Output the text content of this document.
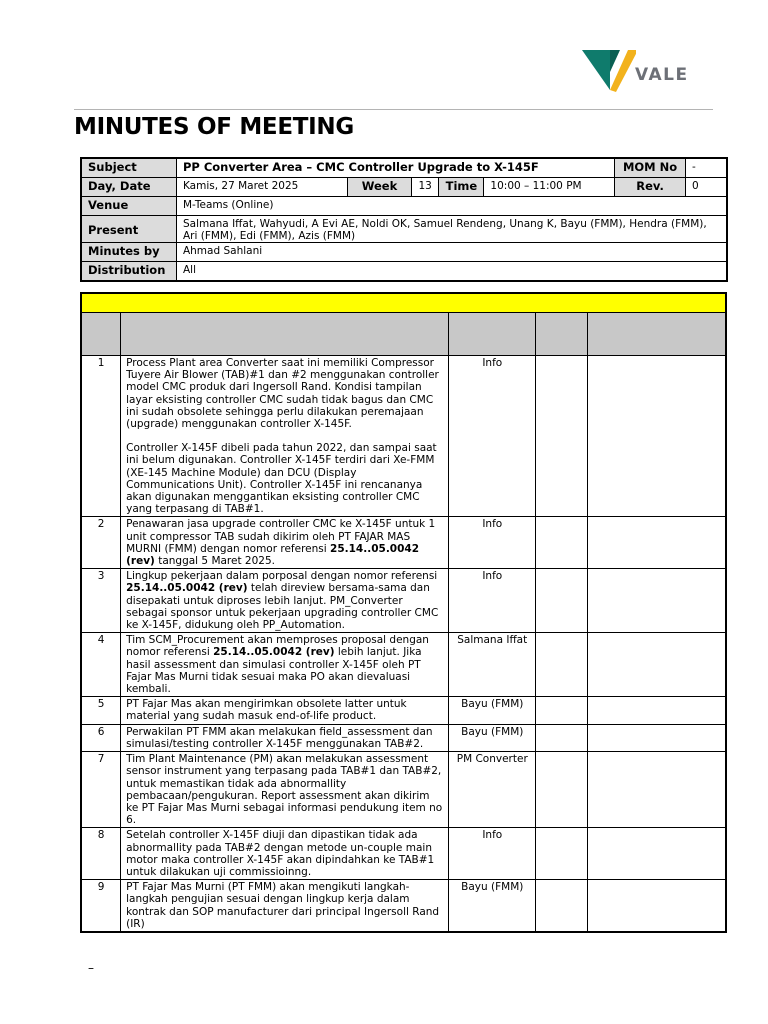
VALE
MINUTES OF MEETING
Subject	PP Converter Area – CMC Controller Upgrade to X-145F					MOM No	-
Day, Date	Kamis, 27 Maret 2025	Week	13	Time	10:00 – 11:00 PM	Rev.	0
Venue	M-Teams (Online)						
Present	Salmana Iffat, Wahyudi, A Evi AE, Noldi OK, Samuel Rendeng, Unang K, Bayu (FMM), Hendra (FMM), Ari (FMM), Edi (FMM), Azis (FMM)						
Minutes by	Ahmad Sahlani						
Distribution	All						

1	Process Plant area Converter saat ini memiliki Compressor Tuyere Air Blower (TAB)#1 dan #2 menggunakan controller model CMC produk dari Ingersoll Rand. Kondisi tampilan layar eksisting controller CMC sudah tidak bagus dan CMC ini sudah obsolete sehingga perlu dilakukan peremajaan (upgrade) menggunakan controller X-145F.
Controller X-145F dibeli pada tahun 2022, dan sampai saat ini belum digunakan. Controller X-145F terdiri dari Xe-FMM (XE-145 Machine Module) dan DCU (Display Communications Unit). Controller X-145F ini rencananya akan digunakan menggantikan eksisting controller CMC yang terpasang di TAB#1.	Info		
2	Penawaran jasa upgrade controller CMC ke X-145F untuk 1 unit compressor TAB sudah dikirim oleh PT FAJAR MAS MURNI (FMM) dengan nomor referensi 25.14..05.0042 (rev) tanggal 5 Maret 2025.	Info		
3	Lingkup pekerjaan dalam porposal dengan nomor referensi 25.14..05.0042 (rev) telah direview bersama-sama dan disepakati untuk diproses lebih lanjut. PM_Converter sebagai sponsor untuk pekerjaan upgrading controller CMC ke X-145F, didukung oleh PP_Automation.	Info		
4	Tim SCM_Procurement akan memproses proposal dengan nomor referensi 25.14..05.0042 (rev) lebih lanjut. Jika hasil assessment dan simulasi controller X-145F oleh PT Fajar Mas Murni tidak sesuai maka PO akan dievaluasi kembali.	Salmana Iffat		
5	PT Fajar Mas akan mengirimkan obsolete latter untuk material yang sudah masuk end-of-life product.	Bayu (FMM)		
6	Perwakilan PT FMM akan melakukan field_assessment dan simulasi/testing controller X-145F menggunakan TAB#2.	Bayu (FMM)		
7	Tim Plant Maintenance (PM) akan melakukan assessment sensor instrument yang terpasang pada TAB#1 dan TAB#2, untuk memastikan tidak ada abnormallity pembacaan/pengukuran. Report assessment akan dikirim ke PT Fajar Mas Murni sebagai informasi pendukung item no 6.	PM Converter		
8	Setelah controller X-145F diuji dan dipastikan tidak ada abnormallity pada TAB#2 dengan metode un-couple main motor maka controller X-145F akan dipindahkan ke TAB#1 untuk dilakukan uji commissioinng.	Info		
9	PT Fajar Mas Murni (PT FMM) akan mengikuti langkah-langkah pengujian sesuai dengan lingkup kerja dalam kontrak dan SOP manufacturer dari principal Ingersoll Rand (IR)	Bayu (FMM)		
–
